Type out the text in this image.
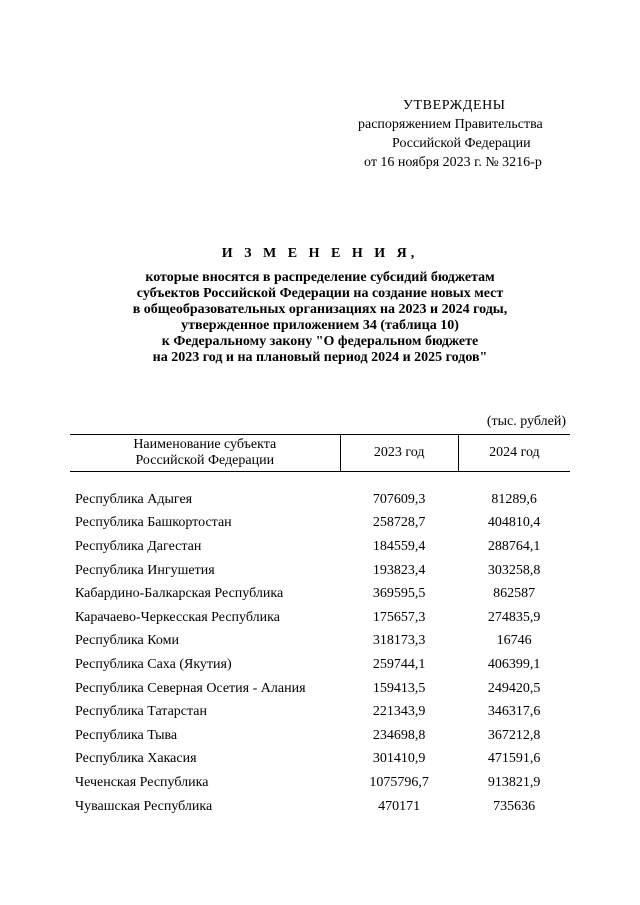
УТВЕРЖДЕНЫ
распоряжением Правительства
Российской Федерации
от 16 ноября 2023 г. № 3216-р
И З М Е Н Е Н И Я,
которые вносятся в распределение субсидий бюджетам
субъектов Российской Федерации на создание новых мест
в общеобразовательных организациях на 2023 и 2024 годы,
утвержденное приложением 34 (таблица 10)
к Федеральному закону "О федеральном бюджете
на 2023 год и на плановый период 2024 и 2025 годов"
(тыс. рублей)
Наименование субъекта
Российской Федерации	2023 год	2024 год

Республика Адыгея	707609,3	81289,6
Республика Башкортостан	258728,7	404810,4
Республика Дагестан	184559,4	288764,1
Республика Ингушетия	193823,4	303258,8
Кабардино-Балкарская Республика	369595,5	862587
Карачаево-Черкесская Республика	175657,3	274835,9
Республика Коми	318173,3	16746
Республика Саха (Якутия)	259744,1	406399,1
Республика Северная Осетия - Алания	159413,5	249420,5
Республика Татарстан	221343,9	346317,6
Республика Тыва	234698,8	367212,8
Республика Хакасия	301410,9	471591,6
Чеченская Республика	1075796,7	913821,9
Чувашская Республика	470171	735636
